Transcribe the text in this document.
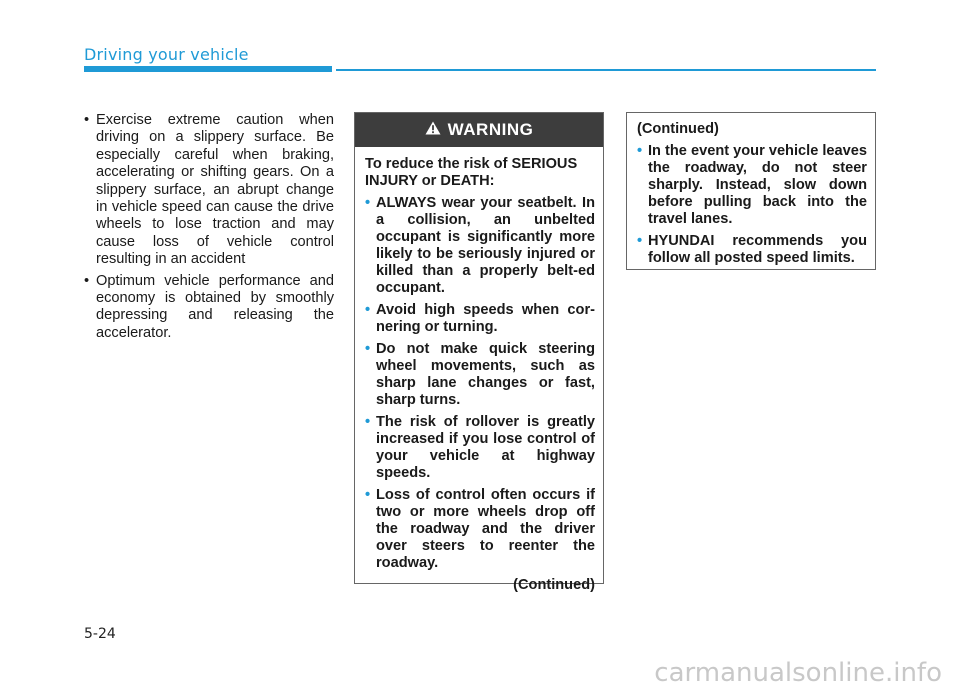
Driving your vehicle
• Exercise extreme caution when driving on a slippery surface. Be especially careful when braking, accelerating or shifting gears. On a slippery surface, an abrupt change in vehicle speed can cause the drive wheels to lose traction and may cause loss of vehicle control resulting in an accident
• Optimum vehicle performance and economy is obtained by smoothly depressing and releasing the accelerator.
WARNING
To reduce the risk of SERIOUS INJURY or DEATH:
• ALWAYS wear your seatbelt. In a collision, an unbelted occupant is significantly more likely to be seriously injured or killed than a properly belt-ed occupant.
• Avoid high speeds when cor-nering or turning.
• Do not make quick steering wheel movements, such as sharp lane changes or fast, sharp turns.
• The risk of rollover is greatly increased if you lose control of your vehicle at highway speeds.
• Loss of control often occurs if two or more wheels drop off the roadway and the driver over steers to reenter the roadway.
(Continued)
(Continued)
• In the event your vehicle leaves the roadway, do not steer sharply. Instead, slow down before pulling back into the travel lanes.
• HYUNDAI recommends you follow all posted speed limits.
5-24
carmanualsonline.info
